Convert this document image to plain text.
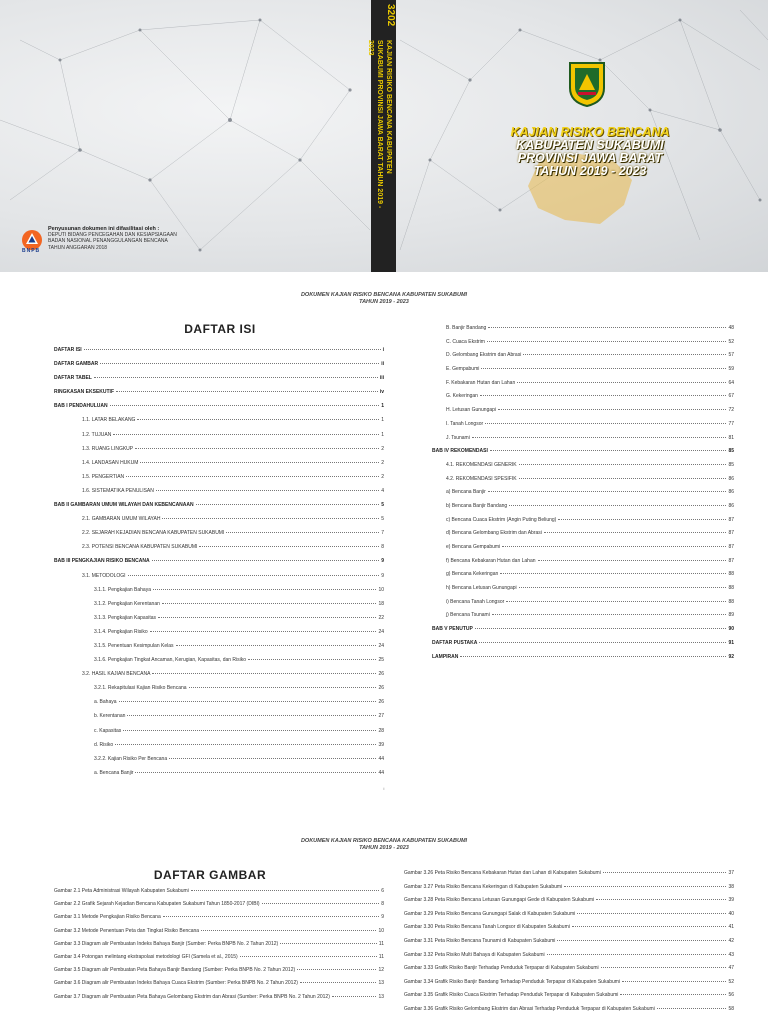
3202
KAJIAN RISIKO BENCANA KABUPATEN SUKABUMI PROVINSI JAWA BARAT TAHUN 2019 - 2023
BNPB
Penyusunan dokumen ini difasilitasi oleh :
DEPUTI BIDANG PENCEGAHAN DAN KESIAPSIAGAAN
BADAN NASIONAL PENANGGULANGAN BENCANA
TAHUN ANGGARAN 2018
KAJIAN RISIKO BENCANA
KABUPATEN SUKABUMI
PROVINSI JAWA BARAT
TAHUN 2019 - 2023
DOKUMEN KAJIAN RISIKO BENCANA KABUPATEN SUKABUMI
TAHUN 2019 - 2023
DAFTAR ISI
DAFTAR ISI	i
DAFTAR GAMBAR	ii
DAFTAR TABEL	iii
RINGKASAN EKSEKUTIF	iv
BAB I PENDAHULUAN	1
1.1. LATAR BELAKANG	1
1.2. TUJUAN	1
1.3. RUANG LINGKUP	2
1.4. LANDASAN HUKUM	2
1.5. PENGERTIAN	2
1.6. SISTEMATIKA PENULISAN	4
BAB II GAMBARAN UMUM WILAYAH DAN KEBENCANAAN	5
2.1. GAMBARAN UMUM WILAYAH	5
2.2. SEJARAH KEJADIAN BENCANA KABUPATEN SUKABUMI	7
2.3. POTENSI BENCANA KABUPATEN SUKABUMI	8
BAB III PENGKAJIAN RISIKO BENCANA	9
3.1. METODOLOGI	9
3.1.1. Pengkajian Bahaya	10
3.1.2. Pengkajian Kerentanan	18
3.1.3. Pengkajian Kapasitas	22
3.1.4. Pengkajian Risiko	24
3.1.5. Penentuan Kesimpulan Kelas	24
3.1.6. Pengkajian Tingkat Ancaman, Kerugian, Kapasitas, dan Risiko	25
3.2. HASIL KAJIAN BENCANA	26
3.2.1. Rekapitulasi Kajian Risiko Bencana	26
a. Bahaya	26
b. Kerentanan	27
c. Kapasitas	28
d. Risiko	39
3.2.2. Kajian Risiko Per Bencana	44
a. Bencana Banjir	44
B. Banjir Bandang	48
C. Cuaca Ekstrim	52
D. Gelombang Ekstrim dan Abrasi	57
E. Gempabumi	59
F. Kebakaran Hutan dan Lahan	64
G. Kekeringan	67
H. Letusan Gunungapi	72
I. Tanah Longsor	77
J. Tsunami	81
BAB IV REKOMENDASI	85
4.1. REKOMENDASI GENERIK	85
4.2. REKOMENDASI SPESIFIK	86
a) Bencana Banjir	86
b) Bencana Banjir Bandang	86
c) Bencana Cuaca Ekstrim (Angin Puting Beliung)	87
d) Bencana Gelombang Ekstrim dan Abrasi	87
e) Bencana Gempabumi	87
f) Bencana Kebakaran Hutan dan Lahan	87
g) Bencana Kekeringan	88
h) Bencana Letusan Gunungapi	88
i) Bencana Tanah Longsor	88
j) Bencana Tsunami	89
BAB V PENUTUP	90
DAFTAR PUSTAKA	91
LAMPIRAN	92
i
DOKUMEN KAJIAN RISIKO BENCANA KABUPATEN SUKABUMI
TAHUN 2019 - 2023
DAFTAR GAMBAR
Gambar 2.1 Peta Administrasi Wilayah Kabupaten Sukabumi	6
Gambar 2.2 Grafik Sejarah Kejadian Bencana Kabupaten Sukabumi Tahun 1850-2017 (DIBI)	8
Gambar 3.1 Metode Pengkajian Risiko Bencana	9
Gambar 3.2 Metode Penentuan Peta dan Tingkat Risiko Bencana	10
Gambar 3.3 Diagram alir Pembuatan Indeks Bahaya Banjir (Sumber: Perka BNPB No. 2 Tahun 2012)	11
Gambar 3.4 Potongan melintang ekstrapolasi metodologi GFI (Samela et al., 2015)	11
Gambar 3.5 Diagram alir Pembuatan Peta Bahaya Banjir Bandang (Sumber: Perka BNPB No. 2 Tahun 2012)	12
Gambar 3.6 Diagram alir Pembuatan Indeks Bahaya Cuaca Ekstrim (Sumber: Perka BNPB No. 2 Tahun 2012)	13
Gambar 3.7 Diagram alir Pembuatan Peta Bahaya Gelombang Ekstrim dan Abrasi (Sumber: Perka BNPB No. 2 Tahun 2012)	13
Gambar 3.26 Peta Risiko Bencana Kebakaran Hutan dan Lahan di Kabupaten Sukabumi	37
Gambar 3.27 Peta Risiko Bencana Kekeringan di Kabupaten Sukabumi	38
Gambar 3.28 Peta Risiko Bencana Letusan Gunungapi Gede di Kabupaten Sukabumi	39
Gambar 3.29 Peta Risiko Bencana Gunungapi Salak di Kabupaten Sukabumi	40
Gambar 3.30 Peta Risiko Bencana Tanah Longsor di Kabupaten Sukabumi	41
Gambar 3.31 Peta Risiko Bencana Tsunami di Kabupaten Sukabumi	42
Gambar 3.32 Peta Risiko Multi Bahaya di Kabupaten Sukabumi	43
Gambar 3.33 Grafik Risiko Banjir Terhadap Penduduk Terpapar di Kabupaten Sukabumi	47
Gambar 3.34 Grafik Risiko Banjir Bandang Terhadap Penduduk Terpapar di Kabupaten Sukabumi	52
Gambar 3.35 Grafik Risiko Cuaca Ekstrim Terhadap Penduduk Terpapar di Kabupaten Sukabumi	56
Gambar 3.36 Grafik Risiko Gelombang Ekstrim dan Abrasi Terhadap Penduduk Terpapar di Kabupaten Sukabumi	58
